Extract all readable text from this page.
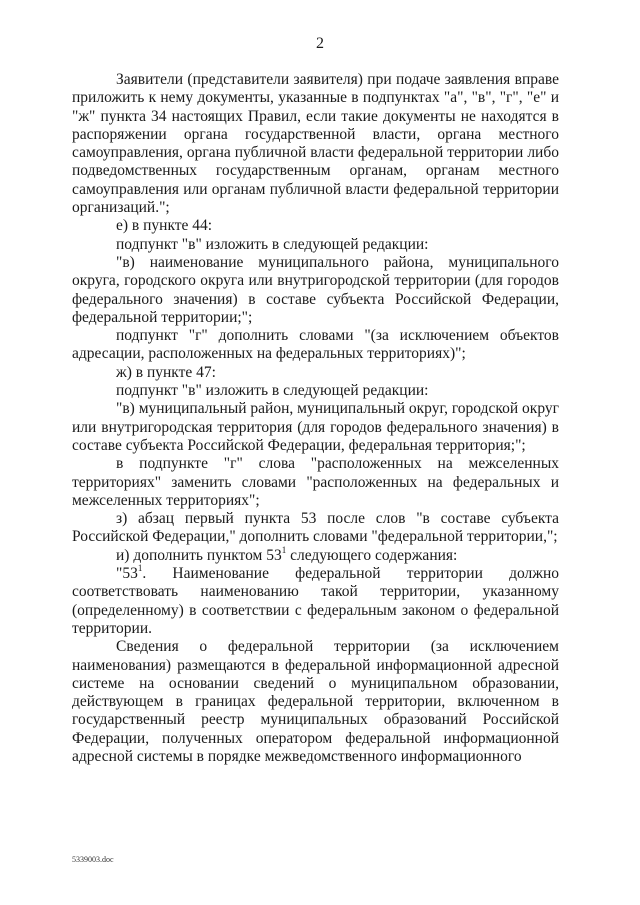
2

Заявители (представители заявителя) при подаче заявления вправе приложить к нему документы, указанные в подпунктах "а", "в", "г", "е" и "ж" пункта 34 настоящих Правил, если такие документы не находятся в распоряжении органа государственной власти, органа местного самоуправления, органа публичной власти федеральной территории либо подведомственных государственным органам, органам местного самоуправления или органам публичной власти федеральной территории организаций.";

е) в пункте 44:

подпункт "в" изложить в следующей редакции:

"в) наименование муниципального района, муниципального округа, городского округа или внутригородской территории (для городов федерального значения) в составе субъекта Российской Федерации, федеральной территории;";

подпункт "г" дополнить словами "(за исключением объектов адресации, расположенных на федеральных территориях)";

ж) в пункте 47:

подпункт "в" изложить в следующей редакции:

"в) муниципальный район, муниципальный округ, городской округ или внутригородская территория (для городов федерального значения) в составе субъекта Российской Федерации, федеральная территория;";

в подпункте "г" слова "расположенных на межселенных территориях" заменить словами "расположенных на федеральных и межселенных территориях";

з) абзац первый пункта 53 после слов "в составе субъекта Российской Федерации," дополнить словами "федеральной территории,";

и) дополнить пунктом $53^1$ следующего содержания:

"$53^1$. Наименование федеральной территории должно соответствовать наименованию такой территории, указанному (определенному) в соответствии с федеральным законом о федеральной территории.

Сведения о федеральной территории (за исключением наименования) размещаются в федеральной информационной адресной системе на основании сведений о муниципальном образовании, действующем в границах федеральной территории, включенном в государственный реестр муниципальных образований Российской Федерации, полученных оператором федеральной информационной адресной системы в порядке межведомственного информационного

5339003.doc
